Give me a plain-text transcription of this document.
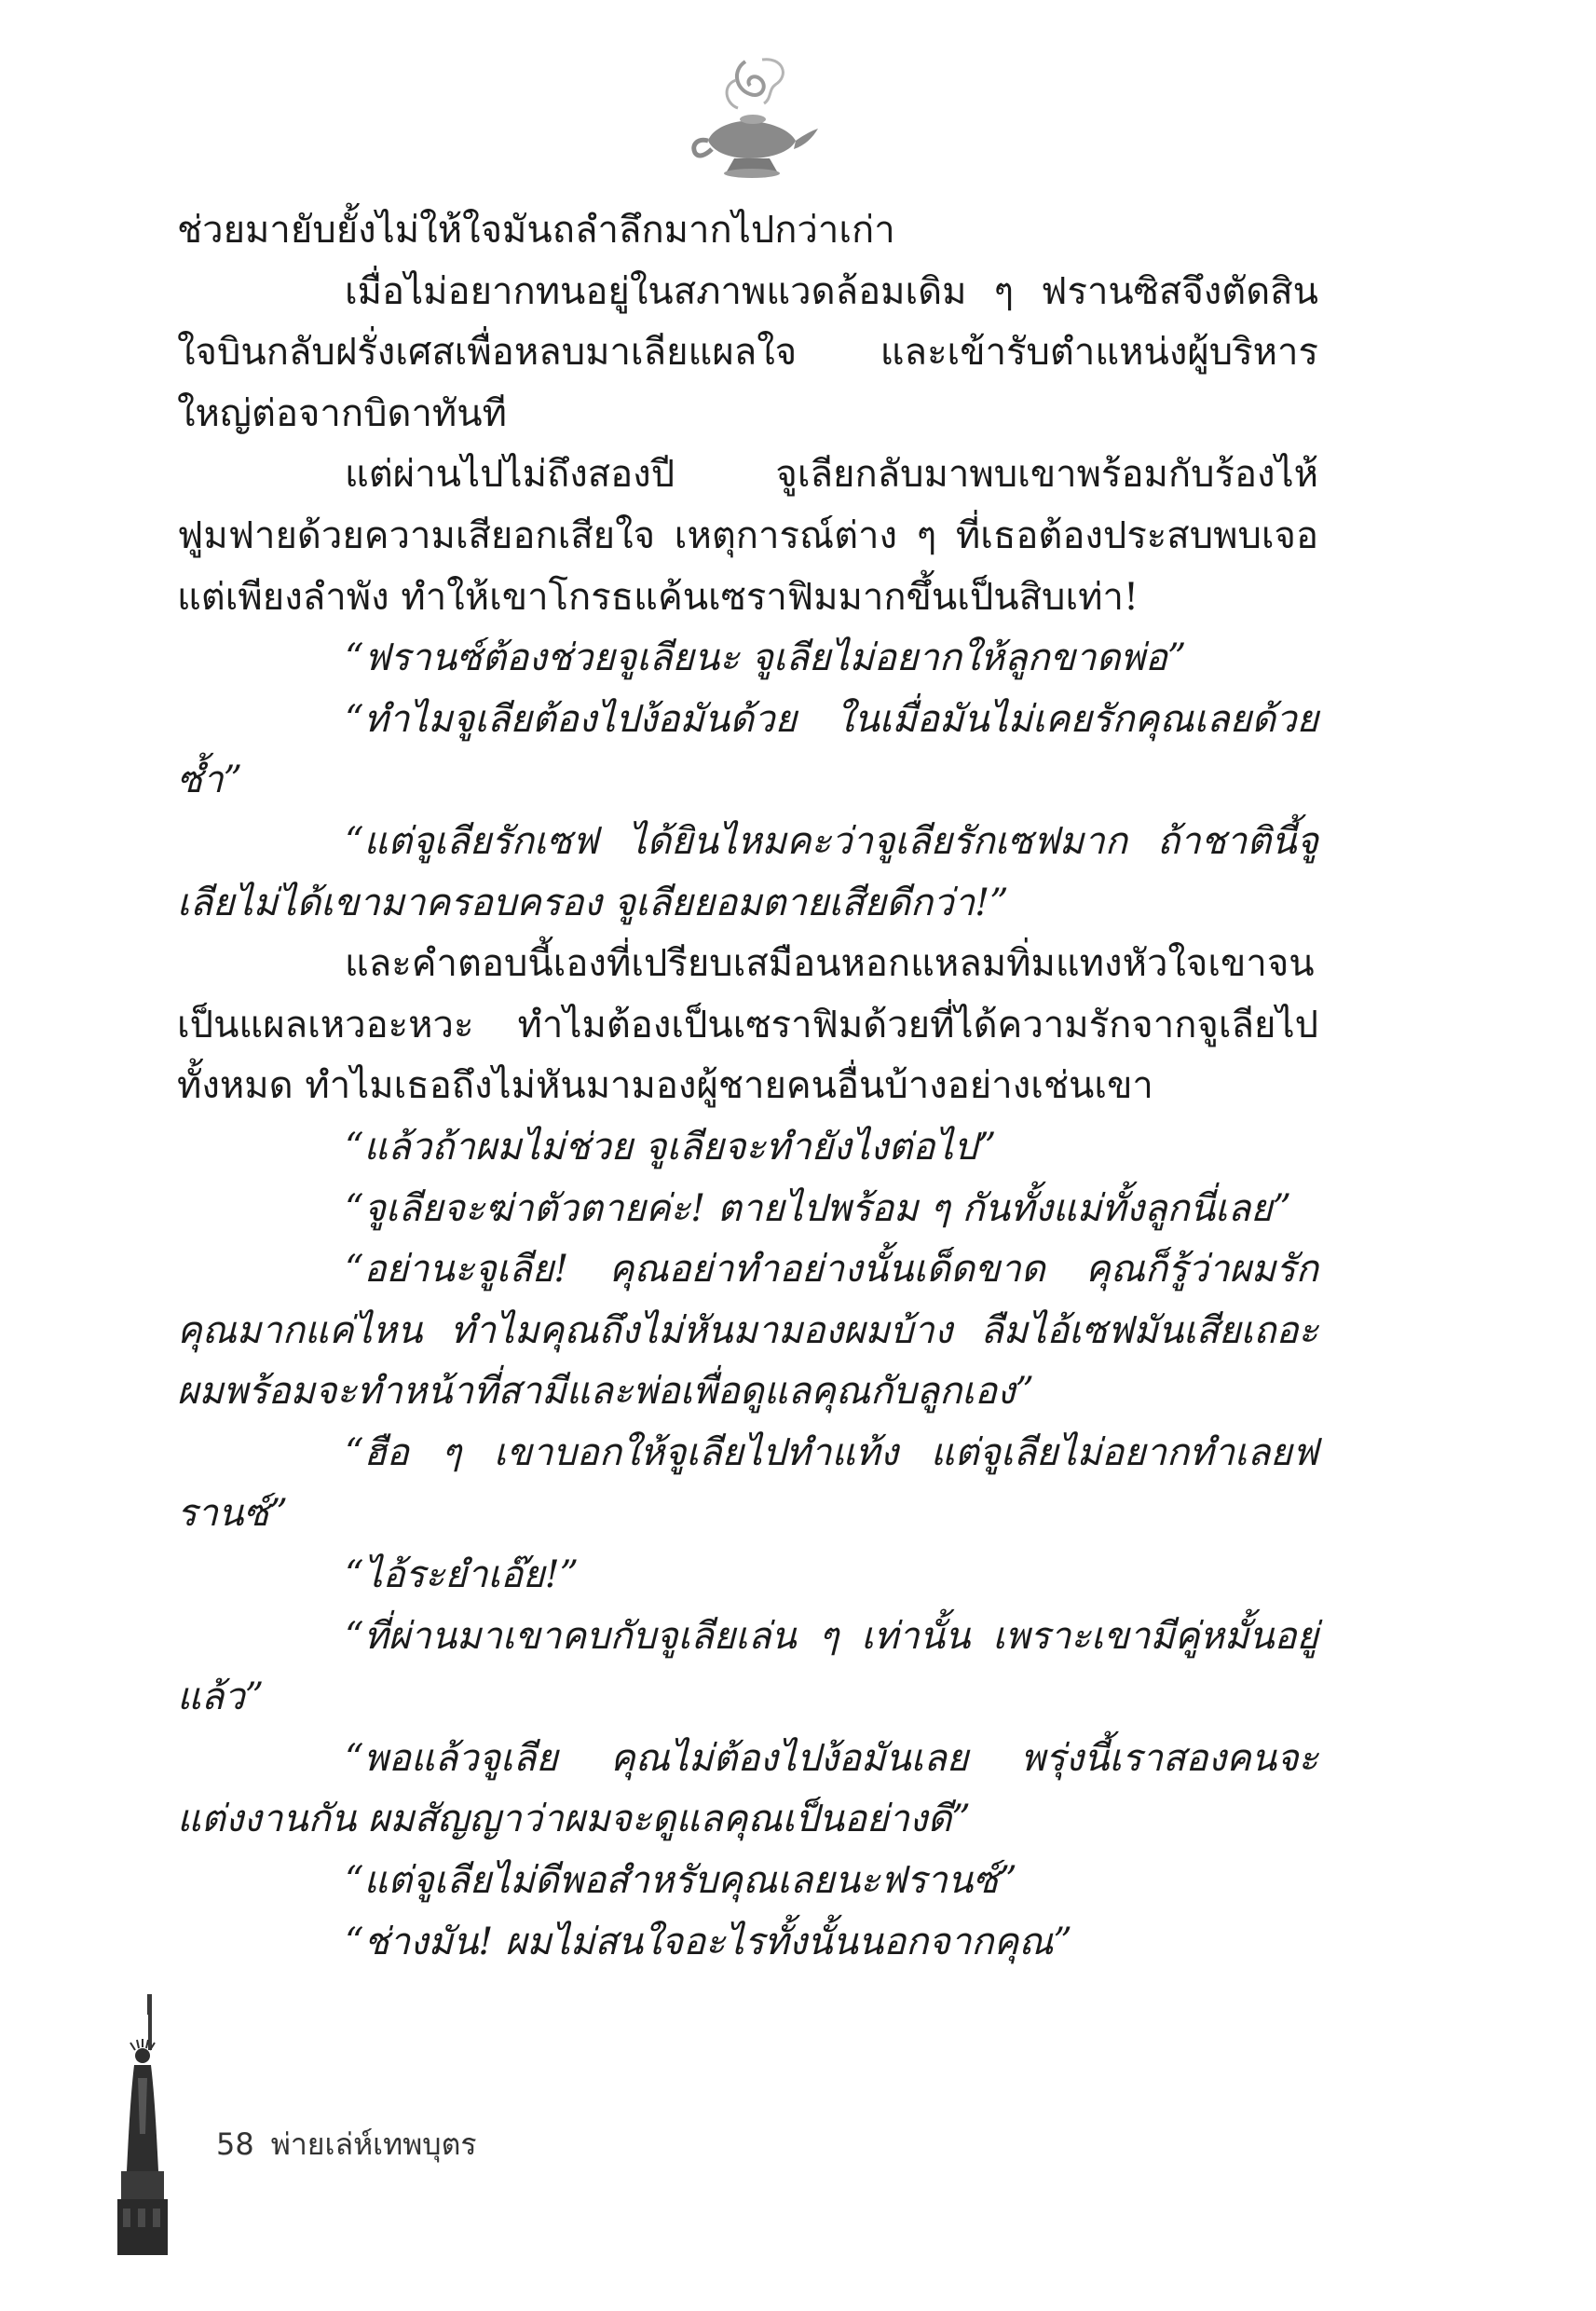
ช่วยมายับยั้งไม่ให้ใจมันถลำลึกมากไปกว่าเก่า

เมื่อไม่อยากทนอยู่ในสภาพแวดล้อมเดิม ๆ ฟรานซิสจึงตัดสินใจบินกลับฝรั่งเศสเพื่อหลบมาเลียแผลใจ และเข้ารับตำแหน่งผู้บริหารใหญ่ต่อจากบิดาทันที

แต่ผ่านไปไม่ถึงสองปี จูเลียกลับมาพบเขาพร้อมกับร้องไห้ฟูมฟายด้วยความเสียอกเสียใจ เหตุการณ์ต่าง ๆ ที่เธอต้องประสบพบเจอแต่เพียงลำพัง ทำให้เขาโกรธแค้นเซราฟิมมากขึ้นเป็นสิบเท่า!

“ฟรานซ์ต้องช่วยจูเลียนะ จูเลียไม่อยากให้ลูกขาดพ่อ”

“ทำไมจูเลียต้องไปง้อมันด้วย ในเมื่อมันไม่เคยรักคุณเลยด้วยซ้ำ”

“แต่จูเลียรักเซฟ ได้ยินไหมคะว่าจูเลียรักเซฟมาก ถ้าชาตินี้จูเลียไม่ได้เขามาครอบครอง จูเลียยอมตายเสียดีกว่า!”

และคำตอบนี้เองที่เปรียบเสมือนหอกแหลมทิ่มแทงหัวใจเขาจนเป็นแผลเหวอะหวะ ทำไมต้องเป็นเซราฟิมด้วยที่ได้ความรักจากจูเลียไปทั้งหมด ทำไมเธอถึงไม่หันมามองผู้ชายคนอื่นบ้างอย่างเช่นเขา

“แล้วถ้าผมไม่ช่วย จูเลียจะทำยังไงต่อไป”

“จูเลียจะฆ่าตัวตายค่ะ! ตายไปพร้อม ๆ กันทั้งแม่ทั้งลูกนี่เลย”

“อย่านะจูเลีย! คุณอย่าทำอย่างนั้นเด็ดขาด คุณก็รู้ว่าผมรักคุณมากแค่ไหน ทำไมคุณถึงไม่หันมามองผมบ้าง ลืมไอ้เซฟมันเสียเถอะ ผมพร้อมจะทำหน้าที่สามีและพ่อเพื่อดูแลคุณกับลูกเอง”

“ฮือ ๆ เขาบอกให้จูเลียไปทำแท้ง แต่จูเลียไม่อยากทำเลยฟรานซ์”

“ไอ้ระยำเอ๊ย!”

“ที่ผ่านมาเขาคบกับจูเลียเล่น ๆ เท่านั้น เพราะเขามีคู่หมั้นอยู่แล้ว”

“พอแล้วจูเลีย คุณไม่ต้องไปง้อมันเลย พรุ่งนี้เราสองคนจะแต่งงานกัน ผมสัญญาว่าผมจะดูแลคุณเป็นอย่างดี”

“แต่จูเลียไม่ดีพอสำหรับคุณเลยนะฟรานซ์”

“ช่างมัน! ผมไม่สนใจอะไรทั้งนั้นนอกจากคุณ”

58 พ่ายเล่ห์เทพบุตร
